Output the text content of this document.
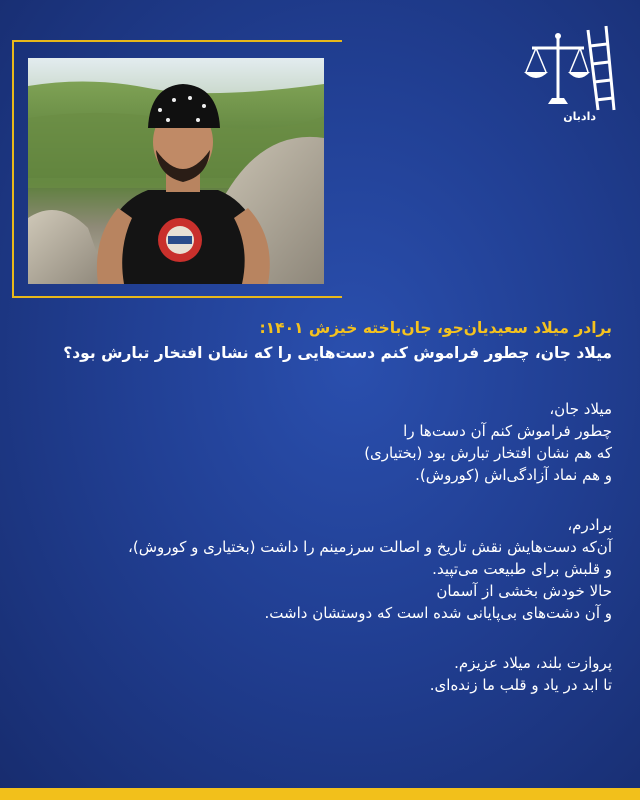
دادبان

برادر میلاد سعیدیان‌جو، جان‌باخته خیزش ۱۴۰۱:

میلاد جان، چطور فراموش کنم دست‌هایی را که نشان افتخار تبارش بود؟

میلاد جان،
چطور فراموش کنم آن دست‌ها را
که هم نشان افتخار تبارش بود (بختیاری)
و هم نماد آزادگی‌اش (کوروش).

برادرم،
آن‌که دست‌هایش نقش تاریخ و اصالت سرزمینم را داشت (بختیاری و کوروش)،
و قلبش برای طبیعت می‌تپید.
حالا خودش بخشی از آسمان
و آن دشت‌های بی‌پایانی شده است که دوستشان داشت.

پروازت بلند، میلاد عزیزم.
تا ابد در یاد و قلب ما زنده‌ای.
